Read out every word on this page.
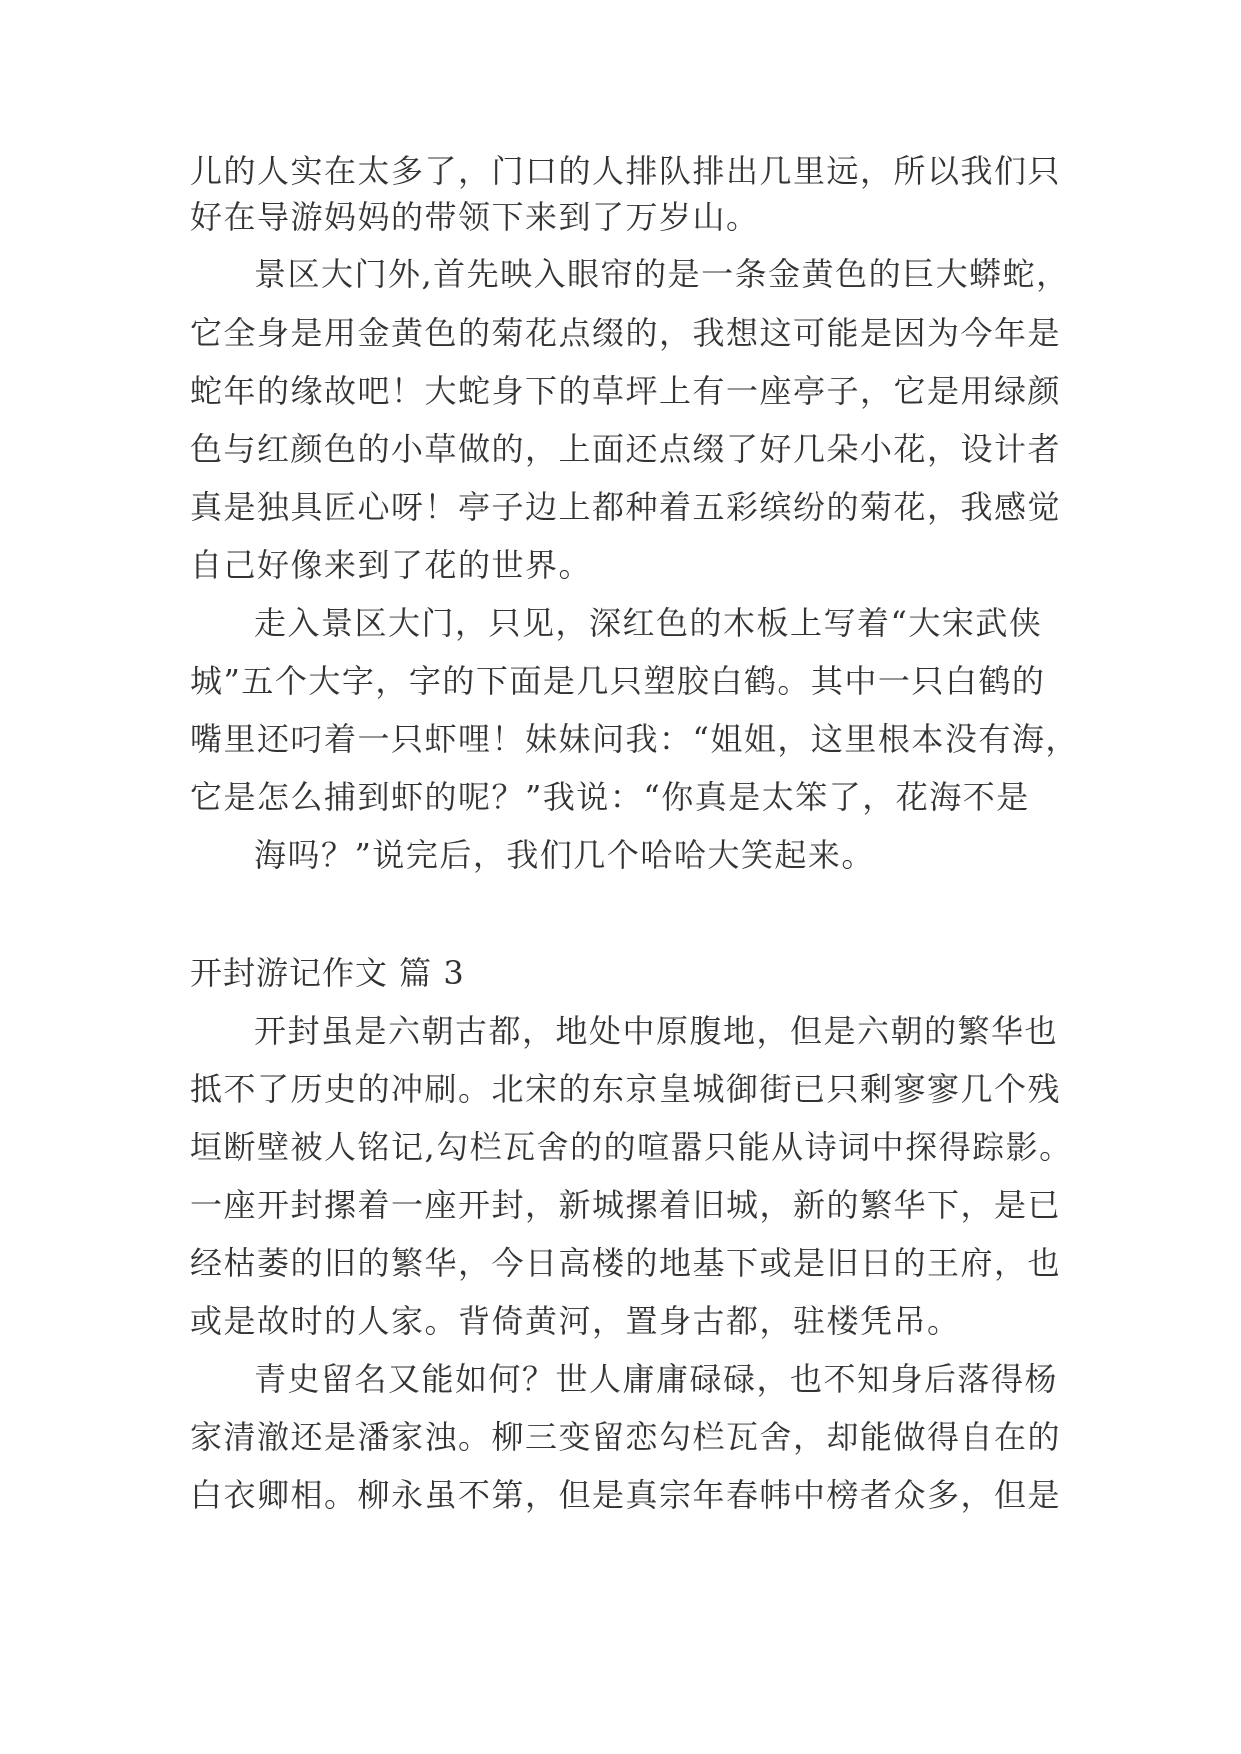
儿的人实在太多了，门口的人排队排出几里远，所以我们只
好在导游妈妈的带领下来到了万岁山。
景区大门外,首先映入眼帘的是一条金黄色的巨大蟒蛇，
它全身是用金黄色的菊花点缀的，我想这可能是因为今年是
蛇年的缘故吧！大蛇身下的草坪上有一座亭子，它是用绿颜
色与红颜色的小草做的，上面还点缀了好几朵小花，设计者
真是独具匠心呀！亭子边上都种着五彩缤纷的菊花，我感觉
自己好像来到了花的世界。
走入景区大门，只见，深红色的木板上写着“大宋武侠
城”五个大字，字的下面是几只塑胶白鹤。其中一只白鹤的
嘴里还叼着一只虾哩！妹妹问我：“姐姐，这里根本没有海，
它是怎么捕到虾的呢？”我说：“你真是太笨了，花海不是
海吗？”说完后，我们几个哈哈大笑起来。
开封游记作文 篇 3
开封虽是六朝古都，地处中原腹地，但是六朝的繁华也
抵不了历史的冲刷。北宋的东京皇城御街已只剩寥寥几个残
垣断壁被人铭记,勾栏瓦舍的的喧嚣只能从诗词中探得踪影。
一座开封摞着一座开封，新城摞着旧城，新的繁华下，是已
经枯萎的旧的繁华，今日高楼的地基下或是旧日的王府，也
或是故时的人家。背倚黄河，置身古都，驻楼凭吊。
青史留名又能如何？世人庸庸碌碌，也不知身后落得杨
家清澈还是潘家浊。柳三变留恋勾栏瓦舍，却能做得自在的
白衣卿相。柳永虽不第，但是真宗年春帏中榜者众多，但是
